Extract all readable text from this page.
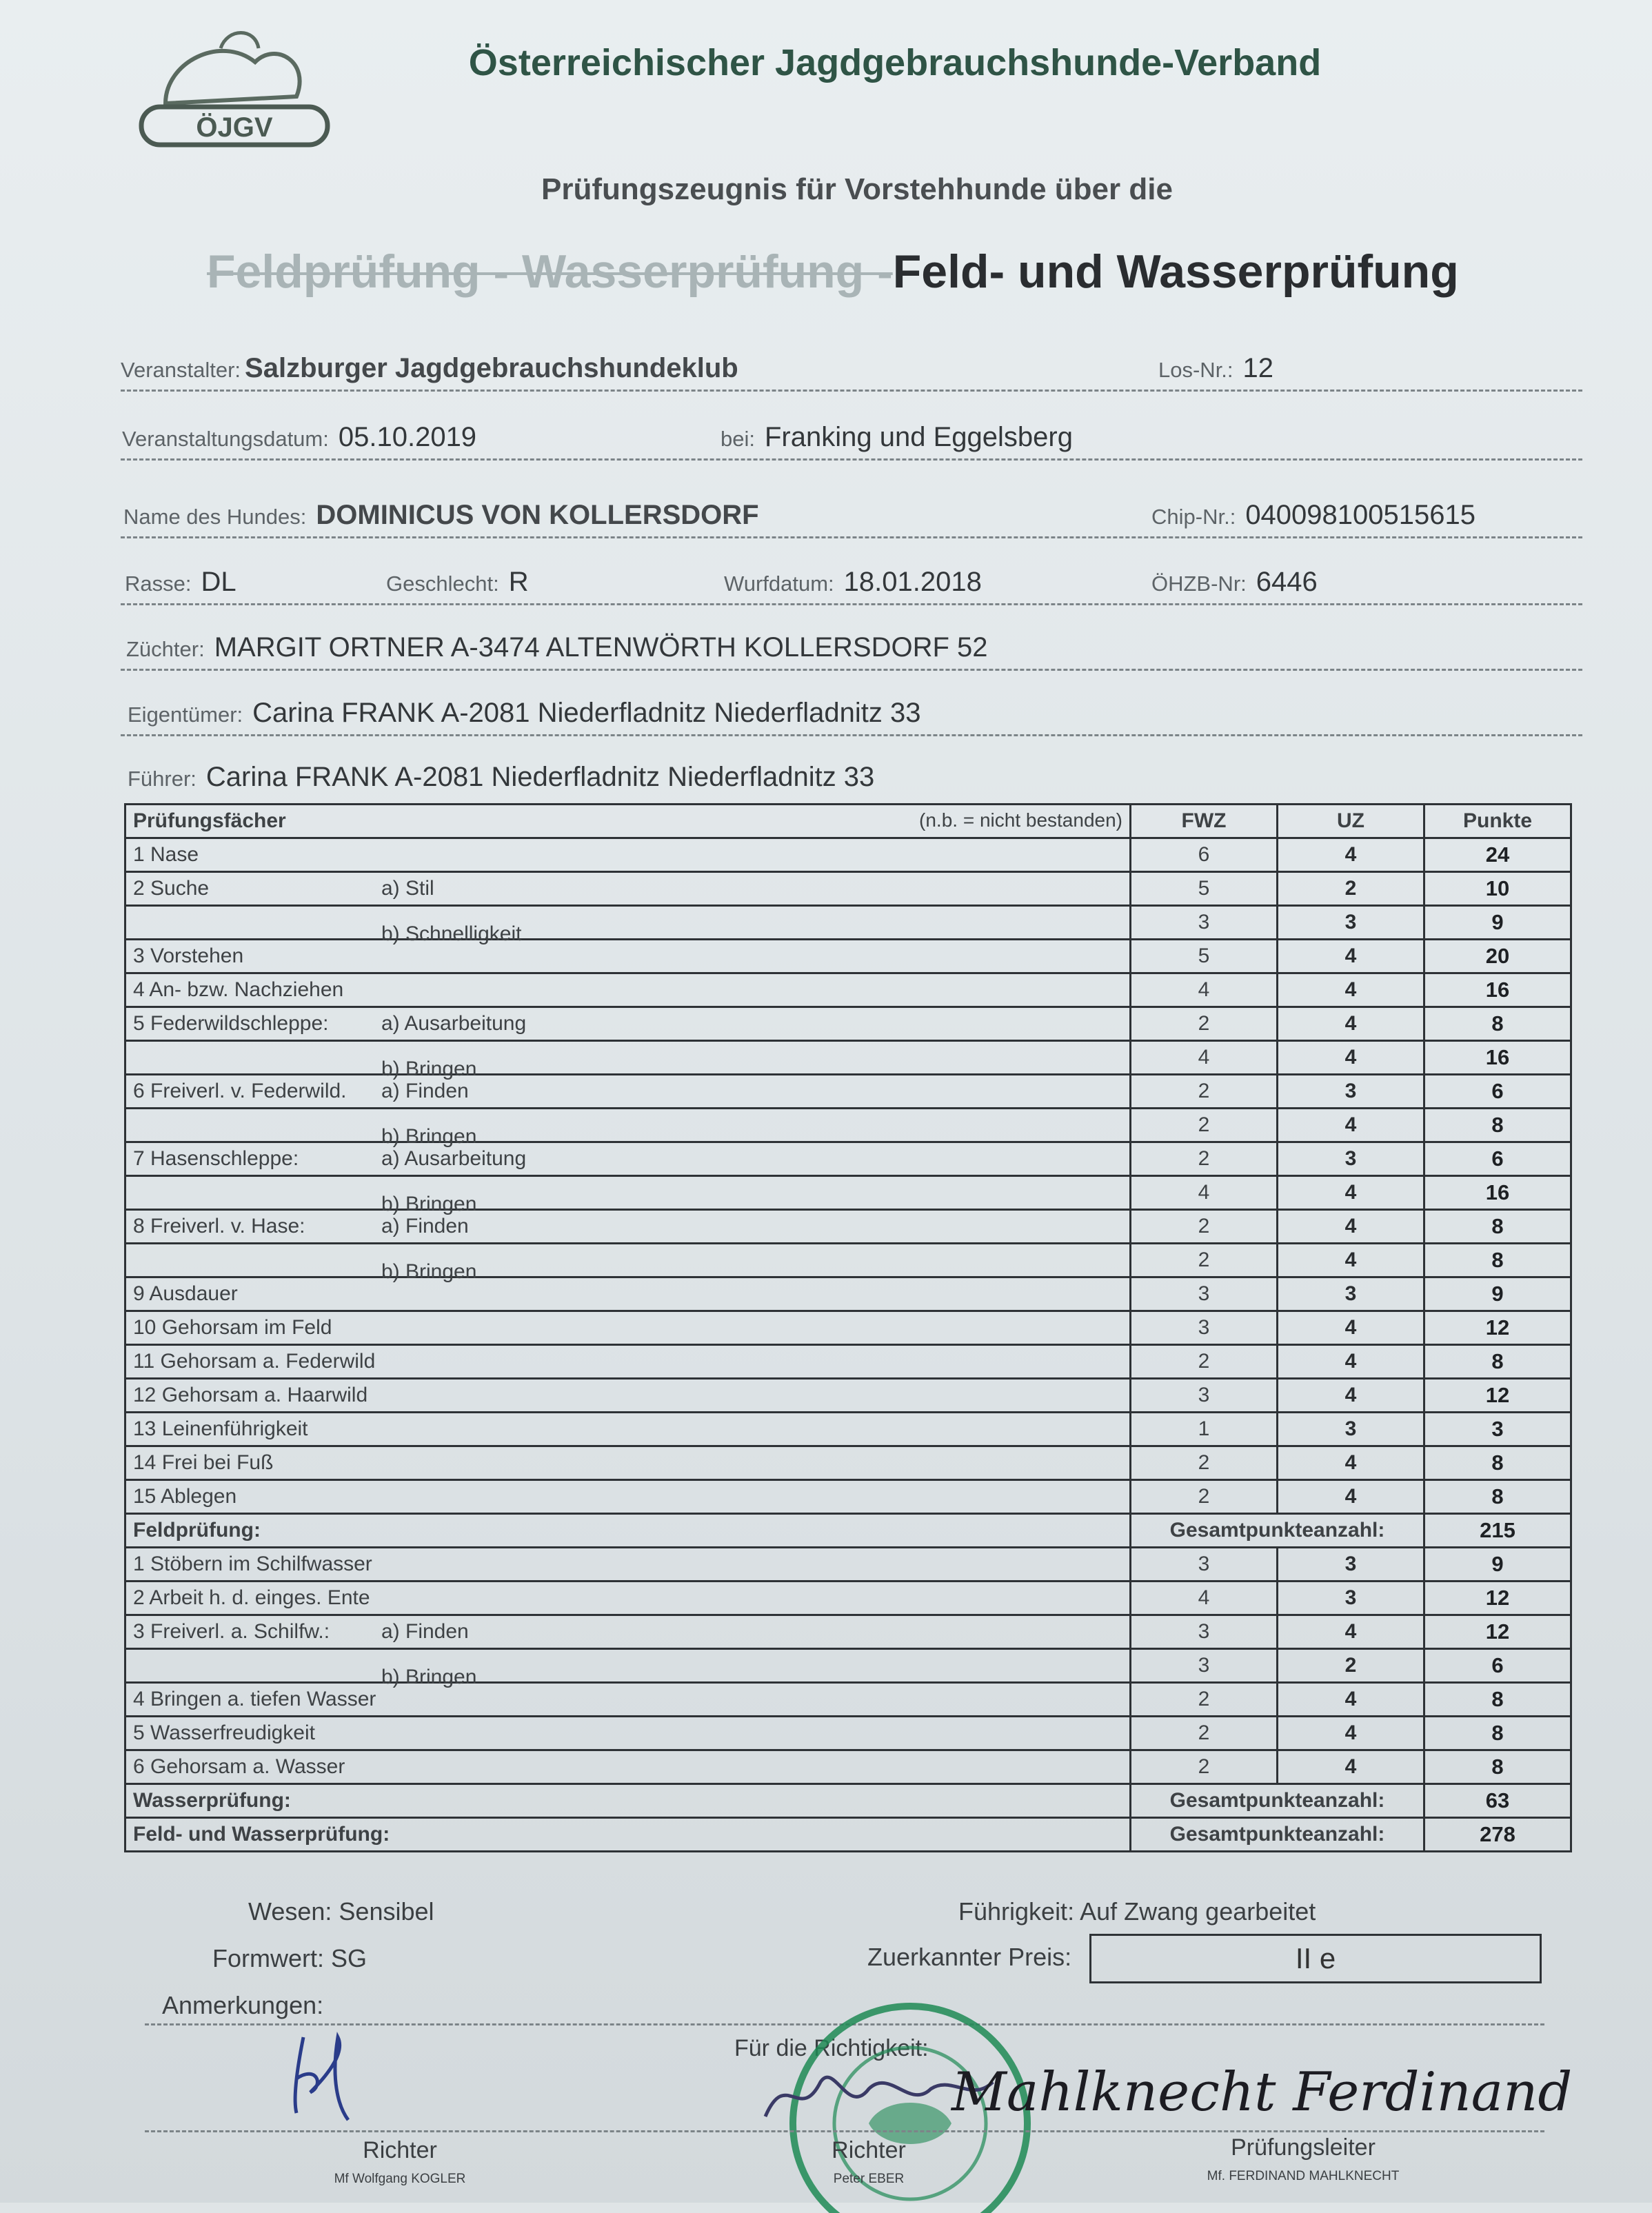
ÖJGV
Österreichischer Jagdgebrauchshunde-Verband
Prüfungszeugnis für Vorstehhunde über die
Feldprüfung - Wasserprüfung -Feld- und Wasserprüfung
Veranstalter: Salzburger Jagdgebrauchshundeklub	Los-Nr.: 12
Veranstaltungsdatum: 05.10.2019	bei: Franking und Eggelsberg
Name des Hundes: DOMINICUS VON KOLLERSDORF	Chip-Nr.: 040098100515615
Rasse: DL	Geschlecht: R	Wurfdatum: 18.01.2018	ÖHZB-Nr: 6446
Züchter: MARGIT ORTNER A-3474 ALTENWÖRTH KOLLERSDORF 52
Eigentümer: Carina FRANK A-2081 Niederfladnitz Niederfladnitz 33
Führer: Carina FRANK A-2081 Niederfladnitz Niederfladnitz 33
Prüfungsfächer (n.b. = nicht bestanden)	FWZ	UZ	Punkte
1 Nase	6	4	24
2 Suche a) Stil	5	2	10

b) Schnelligkeit	3	3	9
3 Vorstehen	5	4	20
4 An- bzw. Nachziehen	4	4	16
5 Federwildschleppe: a) Ausarbeitung	2	4	8

b) Bringen	4	4	16
6 Freiverl. v. Federwild. a) Finden	2	3	6

b) Bringen	2	4	8
7 Hasenschleppe: a) Ausarbeitung	2	3	6

b) Bringen	4	4	16
8 Freiverl. v. Hase: a) Finden	2	4	8

b) Bringen	2	4	8
9 Ausdauer	3	3	9
10 Gehorsam im Feld	3	4	12
11 Gehorsam a. Federwild	2	4	8
12 Gehorsam a. Haarwild	3	4	12
13 Leinenführigkeit	1	3	3
14 Frei bei Fuß	2	4	8
15 Ablegen	2	4	8
Feldprüfung:	Gesamtpunkteanzahl:		215
1 Stöbern im Schilfwasser	3	3	9
2 Arbeit h. d. einges. Ente	4	3	12
3 Freiverl. a. Schilfw.: a) Finden	3	4	12

b) Bringen	3	2	6
4 Bringen a. tiefen Wasser	2	4	8
5 Wasserfreudigkeit	2	4	8
6 Gehorsam a. Wasser	2	4	8
Wasserprüfung:	Gesamtpunkteanzahl:		63
Feld- und Wasserprüfung:	Gesamtpunkteanzahl:		278
Wesen: Sensibel	Führigkeit: Auf Zwang gearbeitet
Formwert: SG	Zuerkannter Preis:	II e
Anmerkungen:
Für die Richtigkeit:
Mahlknecht Ferdinand
Richter
Mf Wolfgang KOGLER
Richter
Peter EBER
Prüfungsleiter
Mf. FERDINAND MAHLKNECHT
